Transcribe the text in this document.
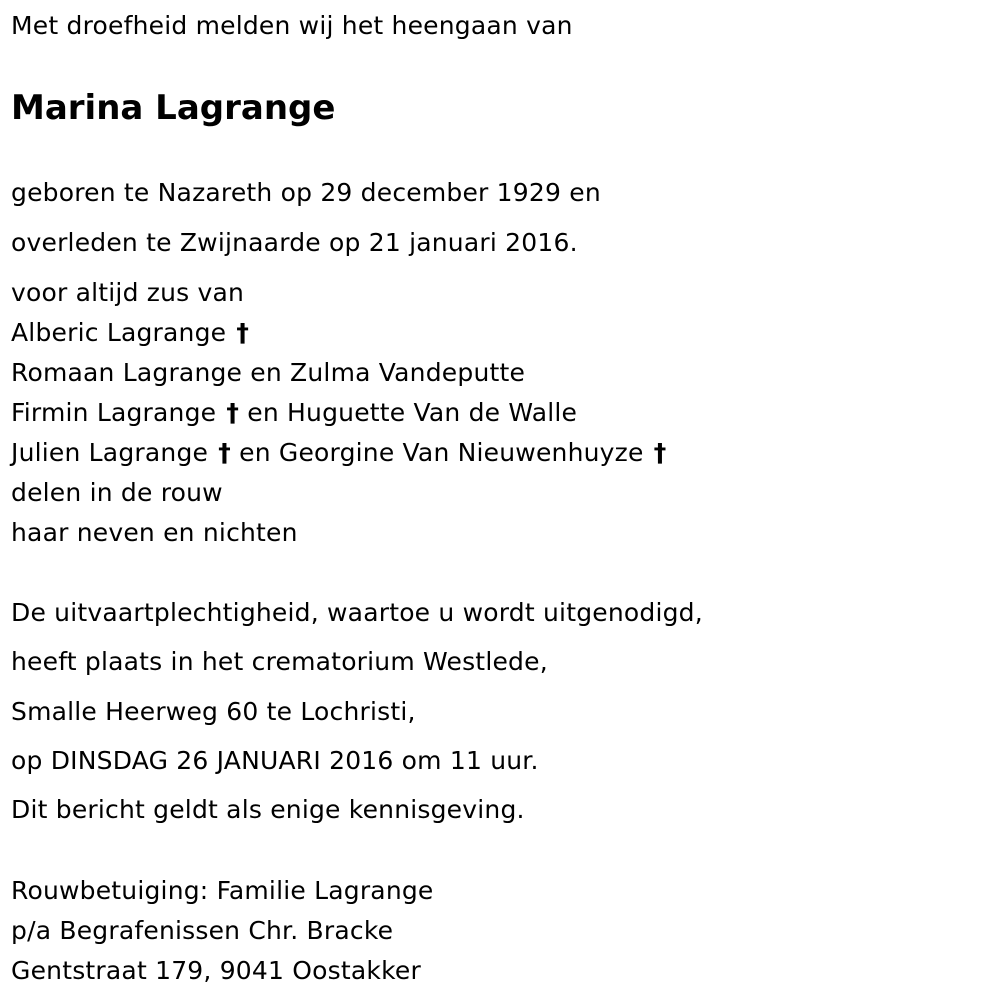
Met droefheid melden wij het heengaan van
Marina Lagrange
geboren te Nazareth op 29 december 1929 en
overleden te Zwijnaarde op 21 januari 2016.
voor altijd zus van
Alberic Lagrange †
Romaan Lagrange en Zulma Vandeputte
Firmin Lagrange † en Huguette Van de Walle
Julien Lagrange † en Georgine Van Nieuwenhuyze †
delen in de rouw
haar neven en nichten
De uitvaartplechtigheid, waartoe u wordt uitgenodigd,
heeft plaats in het crematorium Westlede,
Smalle Heerweg 60 te Lochristi,
op DINSDAG 26 JANUARI 2016 om 11 uur.
Dit bericht geldt als enige kennisgeving.
Rouwbetuiging: Familie Lagrange
p/a Begrafenissen Chr. Bracke
Gentstraat 179, 9041 Oostakker
